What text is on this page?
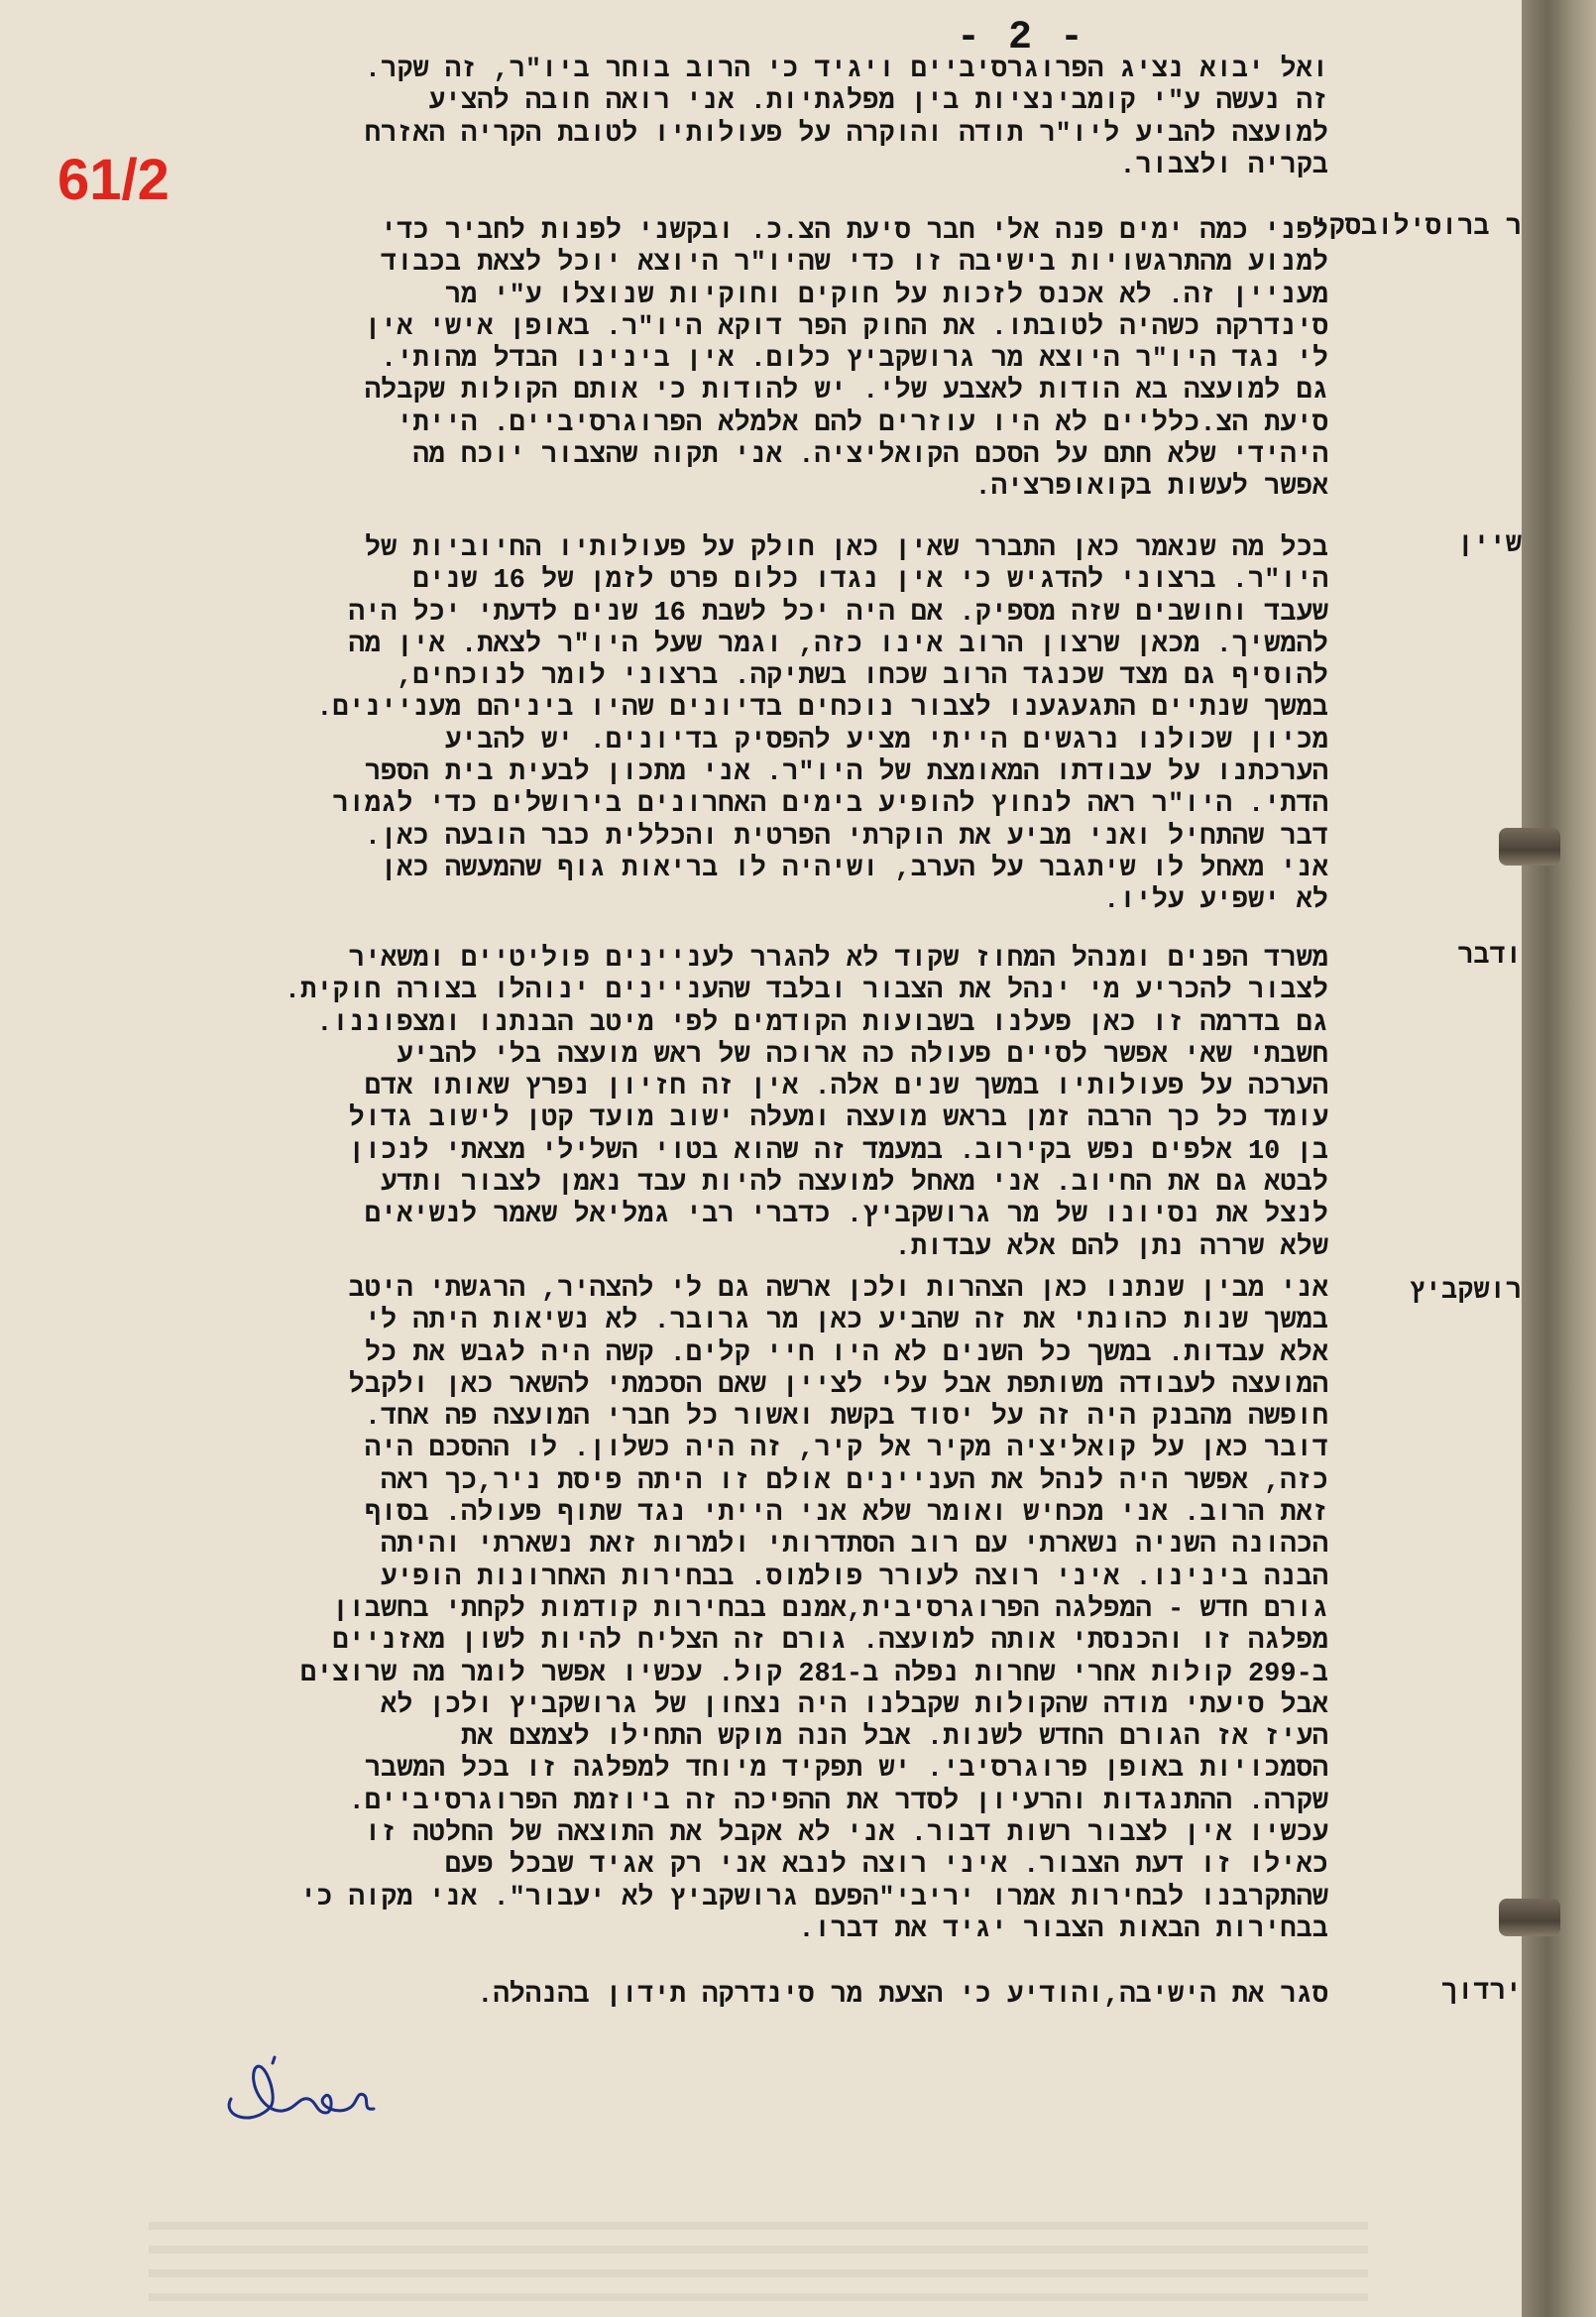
- 2 -
61/2
ר ברוסילובסקי
שיין
ודבר
רושקביץ
ירדוך
ואל יבוא נציג הפרוגרסיביים ויגיד כי הרוב בוחר ביו"ר, זה שקר.
זה נעשה ע"י קומבינציות בין מפלגתיות. אני רואה חובה להציע
למועצה להביע ליו"ר תודה והוקרה על פעולותיו לטובת הקריה האזרח
בקריה ולצבור.
לפני כמה ימים פנה אלי חבר סיעת הצ.כ. ובקשני לפנות לחביר כדי
למנוע מהתרגשויות בישיבה זו כדי שהיו"ר היוצא יוכל לצאת בכבוד
מעניין זה. לא אכנס לזכות על חוקים וחוקיות שנוצלו ע"י מר
סינדרקה כשהיה לטובתו. את החוק הפר דוקא היו"ר. באופן אישי אין
לי נגד היו"ר היוצא מר גרושקביץ כלום. אין בינינו הבדל מהותי.
גם למועצה בא הודות לאצבע שלי. יש להודות כי אותם הקולות שקבלה
סיעת הצ.כלליים לא היו עוזרים להם אלמלא הפרוגרסיביים. הייתי
היהידי שלא חתם על הסכם הקואליציה. אני תקוה שהצבור יוכח מה
אפשר לעשות בקואופרציה.
בכל מה שנאמר כאן התברר שאין כאן חולק על פעולותיו החיוביות של
היו"ר. ברצוני להדגיש כי אין נגדו כלום פרט לזמן של 16 שנים
שעבד וחושבים שזה מספיק. אם היה יכל לשבת 16 שנים לדעתי יכל היה
להמשיך. מכאן שרצון הרוב אינו כזה, וגמר שעל היו"ר לצאת. אין מה
להוסיף גם מצד שכנגד הרוב שכחו בשתיקה. ברצוני לומר לנוכחים,
במשך שנתיים התגעגענו לצבור נוכחים בדיונים שהיו ביניהם מעניינים.
מכיון שכולנו נרגשים הייתי מציע להפסיק בדיונים. יש להביע
הערכתנו על עבודתו המאומצת של היו"ר. אני מתכון לבעית בית הספר
הדתי. היו"ר ראה לנחוץ להופיע בימים האחרונים בירושלים כדי לגמור
דבר שהתחיל ואני מביע את הוקרתי הפרטית והכללית כבר הובעה כאן.
אני מאחל לו שיתגבר על הערב, ושיהיה לו בריאות גוף שהמעשה כאן
לא ישפיע עליו.
משרד הפנים ומנהל המחוז שקוד לא להגרר לעניינים פוליטיים ומשאיר
לצבור להכריע מי ינהל את הצבור ובלבד שהעניינים ינוהלו בצורה חוקית.
גם בדרמה זו כאן פעלנו בשבועות הקודמים לפי מיטב הבנתנו ומצפוננו.
חשבתי שאי אפשר לסיים פעולה כה ארוכה של ראש מועצה בלי להביע
הערכה על פעולותיו במשך שנים אלה. אין זה חזיון נפרץ שאותו אדם
עומד כל כך הרבה זמן בראש מועצה ומעלה ישוב מועד קטן לישוב גדול
בן 10 אלפים נפש בקירוב. במעמד זה שהוא בטוי השלילי מצאתי לנכון
לבטא גם את החיוב. אני מאחל למועצה להיות עבד נאמן לצבור ותדע
לנצל את נסיונו של מר גרושקביץ. כדברי רבי גמליאל שאמר לנשיאים
שלא שררה נתן להם אלא עבדות.
אני מבין שנתנו כאן הצהרות ולכן ארשה גם לי להצהיר, הרגשתי היטב
במשך שנות כהונתי את זה שהביע כאן מר גרובר. לא נשיאות היתה לי
אלא עבדות. במשך כל השנים לא היו חיי קלים. קשה היה לגבש את כל
המועצה לעבודה משותפת אבל עלי לציין שאם הסכמתי להשאר כאן ולקבל
חופשה מהבנק היה זה על יסוד בקשת ואשור כל חברי המועצה פה אחד.
דובר כאן על קואליציה מקיר אל קיר, זה היה כשלון. לו ההסכם היה
כזה, אפשר היה לנהל את העניינים אולם זו היתה פיסת ניר,כך ראה
זאת הרוב. אני מכחיש ואומר שלא אני הייתי נגד שתוף פעולה. בסוף
הכהונה השניה נשארתי עם רוב הסתדרותי ולמרות זאת נשארתי והיתה
הבנה בינינו. איני רוצה לעורר פולמוס. בבחירות האחרונות הופיע
גורם חדש - המפלגה הפרוגרסיבית,אמנם בבחירות קודמות לקחתי בחשבון
מפלגה זו והכנסתי אותה למועצה. גורם זה הצליח להיות לשון מאזניים
ב-299 קולות אחרי שחרות נפלה ב-281 קול. עכשיו אפשר לומר מה שרוצים
אבל סיעתי מודה שהקולות שקבלנו היה נצחון של גרושקביץ ולכן לא
העיז אז הגורם החדש לשנות. אבל הנה מוקש התחילו לצמצם את
הסמכויות באופן פרוגרסיבי. יש תפקיד מיוחד למפלגה זו בכל המשבר
שקרה. ההתנגדות והרעיון לסדר את ההפיכה זה ביוזמת הפרוגרסיביים.
עכשיו אין לצבור רשות דבור. אני לא אקבל את התוצאה של החלטה זו
כאילו זו דעת הצבור. איני רוצה לנבא אני רק אגיד שבכל פעם
שהתקרבנו לבחירות אמרו יריבי"הפעם גרושקביץ לא יעבור". אני מקוה כי
בבחירות הבאות הצבור יגיד את דברו.
סגר את הישיבה,והודיע כי הצעת מר סינדרקה תידון בהנהלה.
